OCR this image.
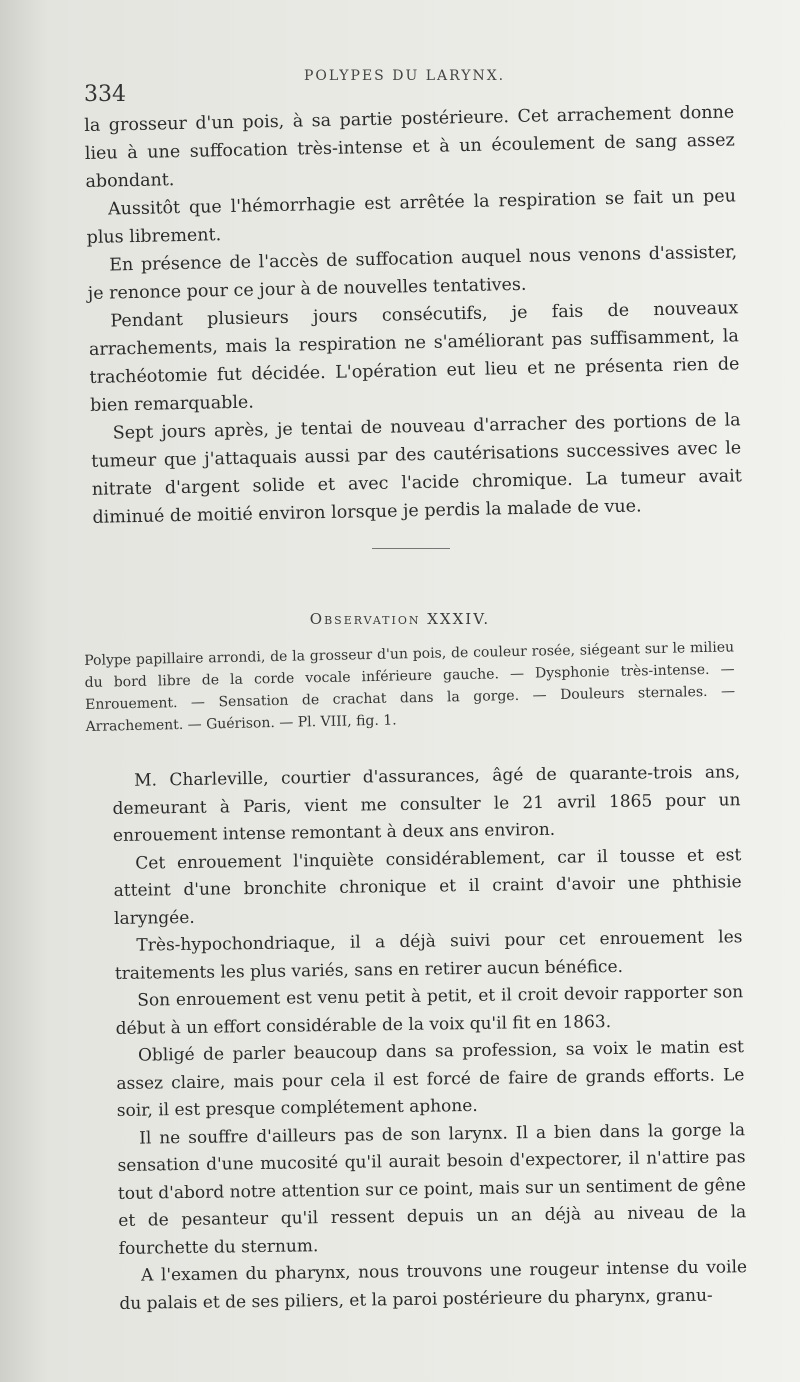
334
POLYPES DU LARYNX.

la grosseur d'un pois, à sa partie postérieure. Cet arrachement donne lieu à une suffocation très-intense et à un écoulement de sang assez abondant.

Aussitôt que l'hémorrhagie est arrêtée la respiration se fait un peu plus librement.

En présence de l'accès de suffocation auquel nous venons d'assister, je renonce pour ce jour à de nouvelles tentatives.

Pendant plusieurs jours consécutifs, je fais de nouveaux arrachements, mais la respiration ne s'améliorant pas suffisamment, la trachéotomie fut décidée. L'opération eut lieu et ne présenta rien de bien remarquable.

Sept jours après, je tentai de nouveau d'arracher des portions de la tumeur que j'attaquais aussi par des cautérisations successives avec le nitrate d'argent solide et avec l'acide chromique. La tumeur avait diminué de moitié environ lorsque je perdis la malade de vue.

Observation XXXIV.
Polype papillaire arrondi, de la grosseur d'un pois, de couleur rosée, siégeant sur le milieu du bord libre de la corde vocale inférieure gauche. — Dysphonie très-intense. — Enrouement. — Sensation de crachat dans la gorge. — Douleurs sternales. — Arrachement. — Guérison. — Pl. VIII, fig. 1.

M. Charleville, courtier d'assurances, âgé de quarante-trois ans, demeurant à Paris, vient me consulter le 21 avril 1865 pour un enrouement intense remontant à deux ans environ.

Cet enrouement l'inquiète considérablement, car il tousse et est atteint d'une bronchite chronique et il craint d'avoir une phthisie laryngée.

Très-hypochondriaque, il a déjà suivi pour cet enrouement les traitements les plus variés, sans en retirer aucun bénéfice.

Son enrouement est venu petit à petit, et il croit devoir rapporter son début à un effort considérable de la voix qu'il fit en 1863.

Obligé de parler beaucoup dans sa profession, sa voix le matin est assez claire, mais pour cela il est forcé de faire de grands efforts. Le soir, il est presque complétement aphone.

Il ne souffre d'ailleurs pas de son larynx. Il a bien dans la gorge la sensation d'une mucosité qu'il aurait besoin d'expectorer, il n'attire pas tout d'abord notre attention sur ce point, mais sur un sentiment de gêne et de pesanteur qu'il ressent depuis un an déjà au niveau de la fourchette du sternum.

A l'examen du pharynx, nous trouvons une rougeur intense du voile du palais et de ses piliers, et la paroi postérieure du pharynx, granu-
